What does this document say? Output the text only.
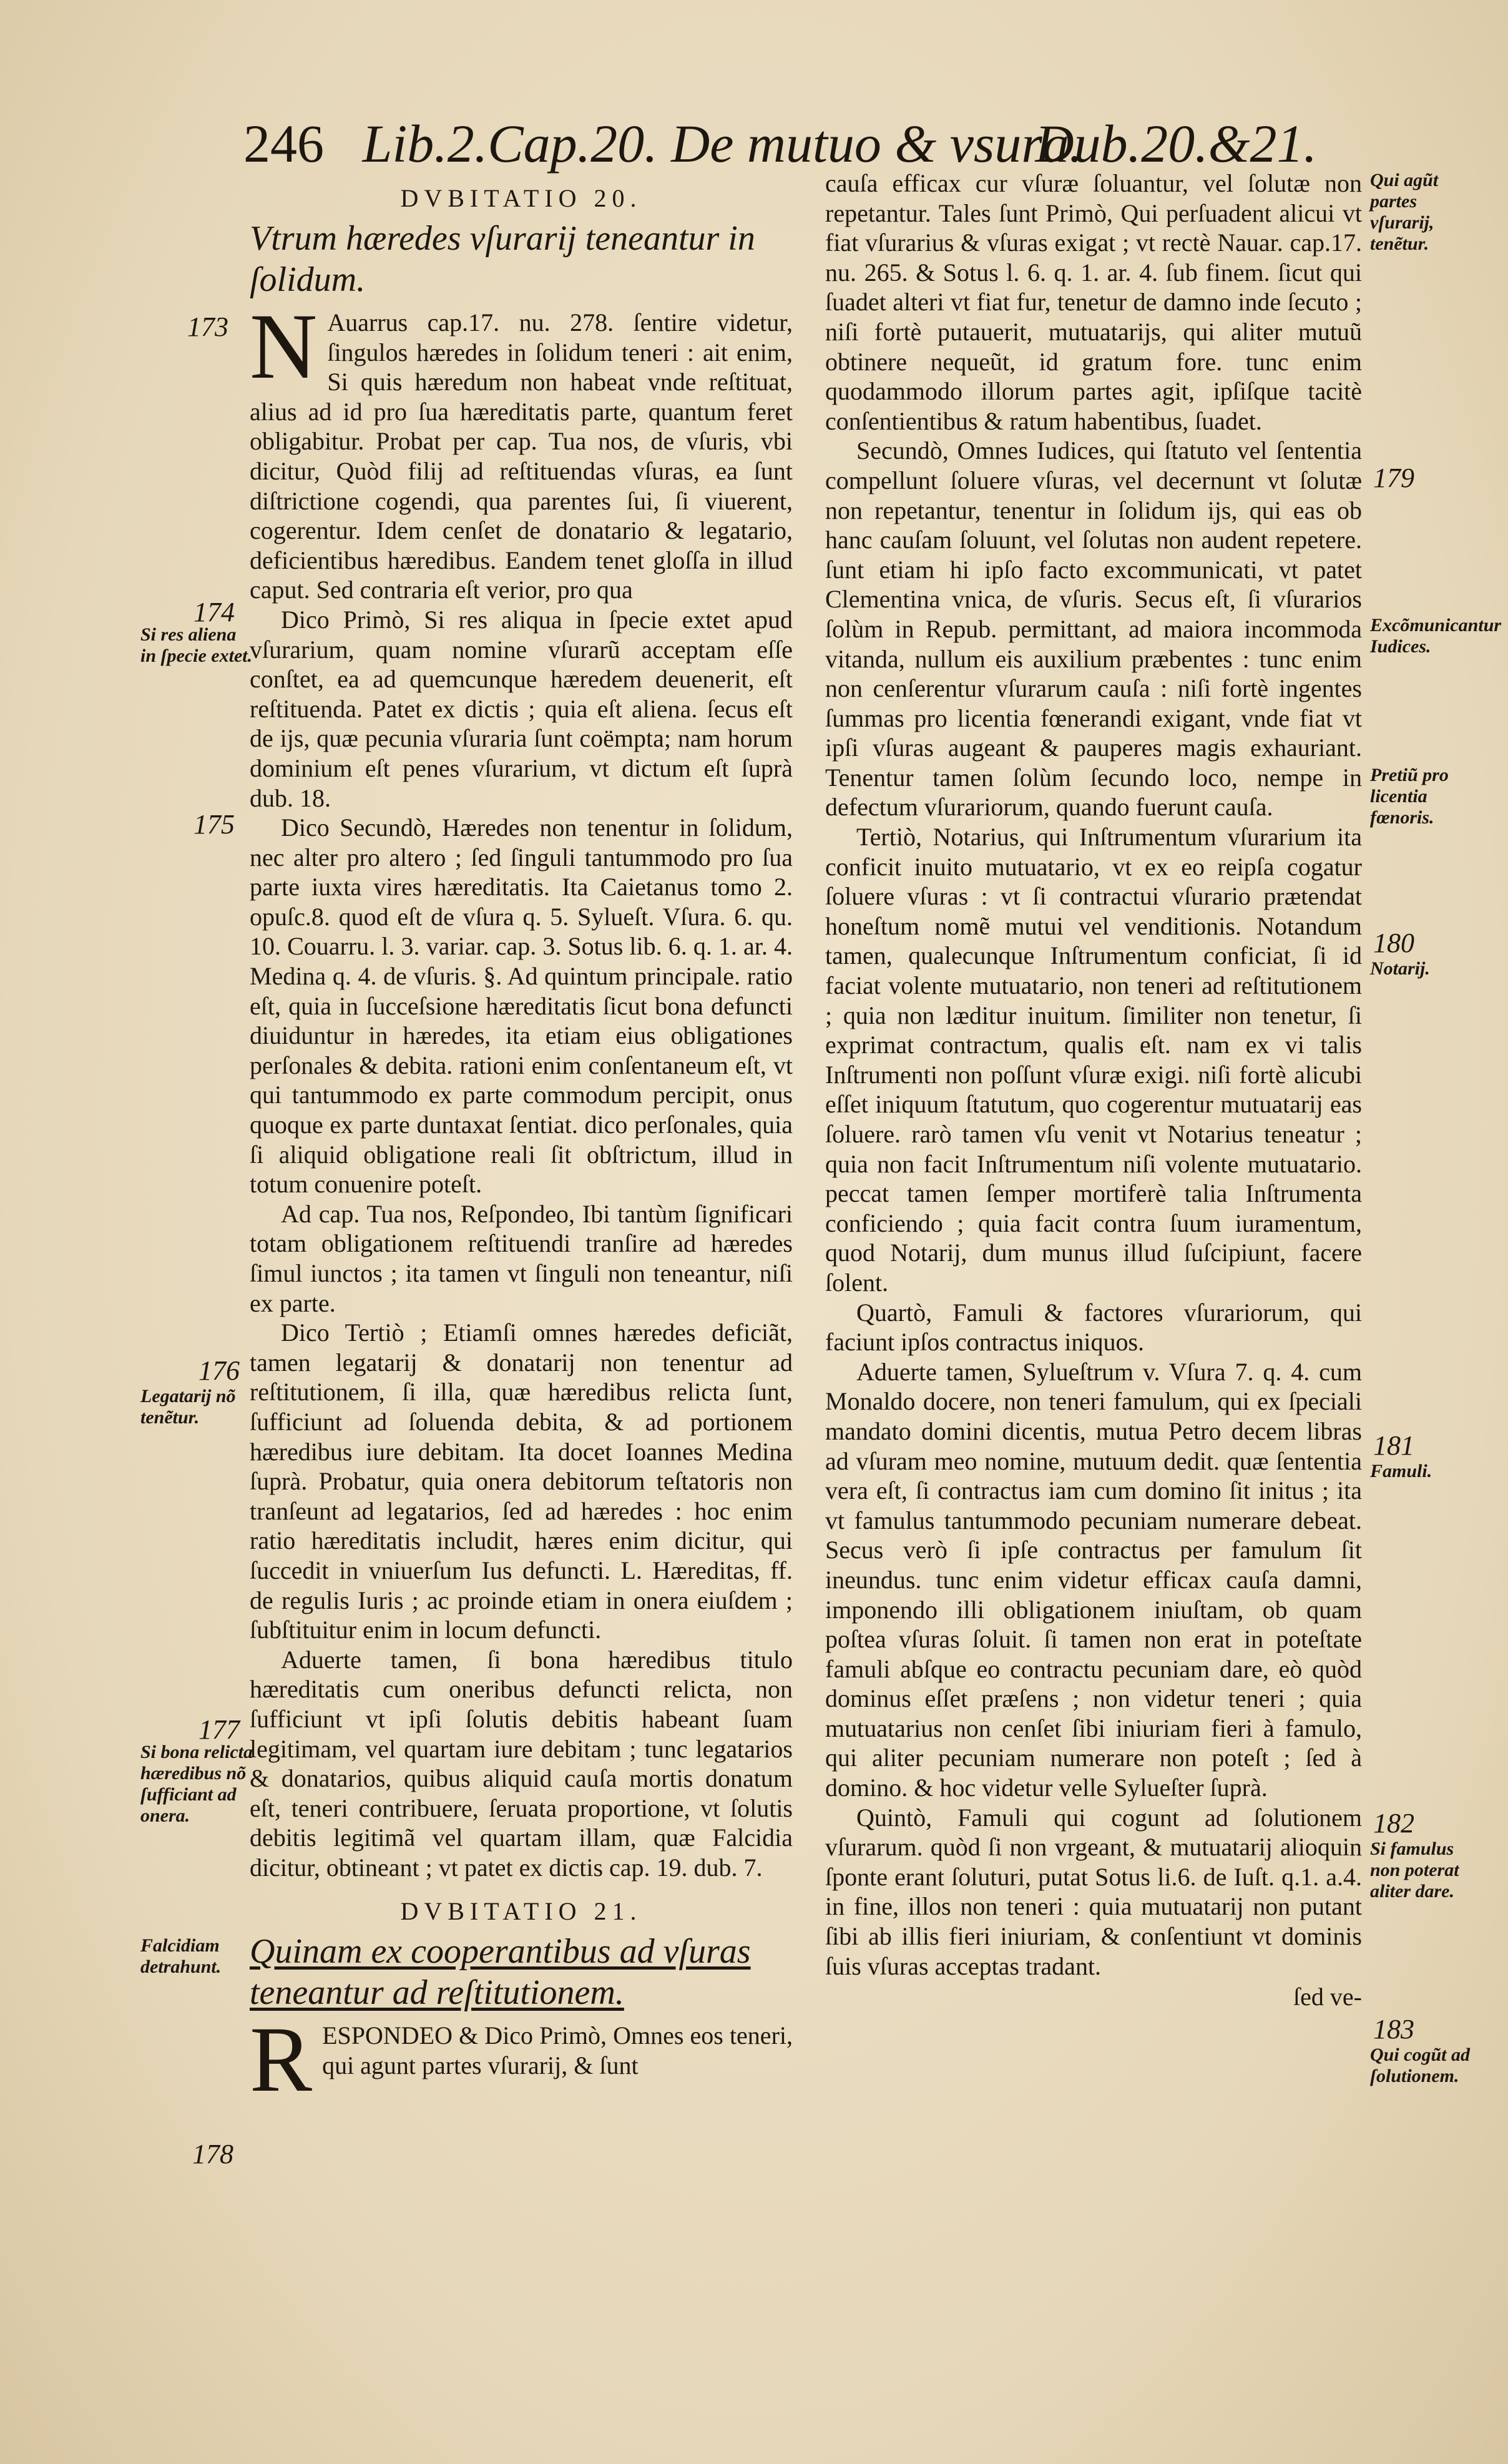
246 Lib.2.Cap.20. De mutuo & vsura.
Dub.20.&21.
DVBITATIO 20.
Vtrum hæredes vſurarij teneantur in ſolidum.

N Auarrus cap.17. nu. 278. ſentire videtur, ſingulos hæredes in ſolidum teneri : ait enim, Si quis hæredum non habeat vnde reſtituat, alius ad id pro ſua hæreditatis parte, quantum feret obligabitur. Probat per cap. Tua nos, de vſuris, vbi dicitur, Quòd filij ad reſtituendas vſuras, ea ſunt diſtrictione cogendi, qua parentes ſui, ſi viuerent, cogerentur. Idem cenſet de donatario & legatario, deficientibus hæredibus. Eandem tenet gloſſa in illud caput. Sed contraria eſt verior, pro qua

Dico Primò, Si res aliqua in ſpecie extet apud vſurarium, quam nomine vſurarũ acceptam eſſe conſtet, ea ad quemcunque hæredem deuenerit, eſt reſtituenda. Patet ex dictis ; quia eſt aliena. ſecus eſt de ijs, quæ pecunia vſuraria ſunt coëmpta; nam horum dominium eſt penes vſurarium, vt dictum eſt ſuprà dub. 18.

Dico Secundò, Hæredes non tenentur in ſolidum, nec alter pro altero ; ſed ſinguli tantummodo pro ſua parte iuxta vires hæreditatis. Ita Caietanus tomo 2. opuſc.8. quod eſt de vſura q. 5. Sylueſt. Vſura. 6. qu. 10. Couarru. l. 3. variar. cap. 3. Sotus lib. 6. q. 1. ar. 4. Medina q. 4. de vſuris. §. Ad quintum principale. ratio eſt, quia in ſucceſsione hæreditatis ſicut bona defuncti diuiduntur in hæredes, ita etiam eius obligationes perſonales & debita. rationi enim conſentaneum eſt, vt qui tantummodo ex parte commodum percipit, onus quoque ex parte duntaxat ſentiat. dico perſonales, quia ſi aliquid obligatione reali ſit obſtrictum, illud in totum conuenire poteſt.

Ad cap. Tua nos, Reſpondeo, Ibi tantùm ſignificari totam obligationem reſtituendi tranſire ad hæredes ſimul iunctos ; ita tamen vt ſinguli non teneantur, niſi ex parte.

Dico Tertiò ; Etiamſi omnes hæredes deficiãt, tamen legatarij & donatarij non tenentur ad reſtitutionem, ſi illa, quæ hæredibus relicta ſunt, ſufficiunt ad ſoluenda debita, & ad portionem hæredibus iure debitam. Ita docet Ioannes Medina ſuprà. Probatur, quia onera debitorum teſtatoris non tranſeunt ad legatarios, ſed ad hæredes : hoc enim ratio hæreditatis includit, hæres enim dicitur, qui ſuccedit in vniuerſum Ius defuncti. L. Hæreditas, ff. de regulis Iuris ; ac proinde etiam in onera eiuſdem ; ſubſtituitur enim in locum defuncti.

Aduerte tamen, ſi bona hæredibus titulo hæreditatis cum oneribus defuncti relicta, non ſufficiunt vt ipſi ſolutis debitis habeant ſuam legitimam, vel quartam iure debitam ; tunc legatarios & donatarios, quibus aliquid cauſa mortis donatum eſt, teneri contribuere, ſeruata proportione, vt ſolutis debitis legitimã vel quartam illam, quæ Falcidia dicitur, obtineant ; vt patet ex dictis cap. 19. dub. 7.

DVBITATIO 21.
Quinam ex cooperantibus ad vſuras teneantur ad reſtitutionem.

RESPONDEO & Dico Primò, Omnes eos teneri, qui agunt partes vſurarij, & ſunt

cauſa efficax cur vſuræ ſoluantur, vel ſolutæ non repetantur. Tales ſunt Primò, Qui perſuadent alicui vt fiat vſurarius & vſuras exigat ; vt rectè Nauar. cap.17. nu. 265. & Sotus l. 6. q. 1. ar. 4. ſub finem. ſicut qui ſuadet alteri vt fiat fur, tenetur de damno inde ſecuto ; niſi fortè putauerit, mutuatarijs, qui aliter mutuũ obtinere nequeũt, id gratum fore. tunc enim quodammodo illorum partes agit, ipſiſque tacitè conſentientibus & ratum habentibus, ſuadet.

Secundò, Omnes Iudices, qui ſtatuto vel ſententia compellunt ſoluere vſuras, vel decernunt vt ſolutæ non repetantur, tenentur in ſolidum ijs, qui eas ob hanc cauſam ſoluunt, vel ſolutas non audent repetere. ſunt etiam hi ipſo facto excommunicati, vt patet Clementina vnica, de vſuris. Secus eſt, ſi vſurarios ſolùm in Repub. permittant, ad maiora incommoda vitanda, nullum eis auxilium præbentes : tunc enim non cenſerentur vſurarum cauſa : niſi fortè ingentes ſummas pro licentia fœnerandi exigant, vnde fiat vt ipſi vſuras augeant & pauperes magis exhauriant. Tenentur tamen ſolùm ſecundo loco, nempe in defectum vſurariorum, quando fuerunt cauſa.

Tertiò, Notarius, qui Inſtrumentum vſurarium ita conficit inuito mutuatario, vt ex eo reipſa cogatur ſoluere vſuras : vt ſi contractui vſurario prætendat honeſtum nomẽ mutui vel venditionis. Notandum tamen, qualecunque Inſtrumentum conficiat, ſi id faciat volente mutuatario, non teneri ad reſtitutionem ; quia non læditur inuitum. ſimiliter non tenetur, ſi exprimat contractum, qualis eſt. nam ex vi talis Inſtrumenti non poſſunt vſuræ exigi. niſi fortè alicubi eſſet iniquum ſtatutum, quo cogerentur mutuatarij eas ſoluere. rarò tamen vſu venit vt Notarius teneatur ; quia non facit Inſtrumentum niſi volente mutuatario. peccat tamen ſemper mortiferè talia Inſtrumenta conficiendo ; quia facit contra ſuum iuramentum, quod Notarij, dum munus illud ſuſcipiunt, facere ſolent.

Quartò, Famuli & factores vſurariorum, qui faciunt ipſos contractus iniquos.

Aduerte tamen, Sylueſtrum v. Vſura 7. q. 4. cum Monaldo docere, non teneri famulum, qui ex ſpeciali mandato domini dicentis, mutua Petro decem libras ad vſuram meo nomine, mutuum dedit. quæ ſententia vera eſt, ſi contractus iam cum domino ſit initus ; ita vt famulus tantummodo pecuniam numerare debeat. Secus verò ſi ipſe contractus per famulum ſit ineundus. tunc enim videtur efficax cauſa damni, imponendo illi obligationem iniuſtam, ob quam poſtea vſuras ſoluit. ſi tamen non erat in poteſtate famuli abſque eo contractu pecuniam dare, eò quòd dominus eſſet præſens ; non videtur teneri ; quia mutuatarius non cenſet ſibi iniuriam fieri à famulo, qui aliter pecuniam numerare non poteſt ; ſed à domino. & hoc videtur velle Sylueſter ſuprà.

Quintò, Famuli qui cogunt ad ſolutionem vſurarum. quòd ſi non vrgeant, & mutuatarij alioquin ſponte erant ſoluturi, putat Sotus li.6. de Iuſt. q.1. a.4. in fine, illos non teneri : quia mutuatarij non putant ſibi ab illis fieri iniuriam, & conſentiunt vt dominis ſuis vſuras acceptas tradant.

ſed ve-
173
174
Si res aliena in ſpecie extet.
175
176
Legatarij nõ tenẽtur.
177
Si bona relicta hæredibus nõ ſufficiant ad onera.
Falcidiam detrahunt.
178
Qui agũt partes vſurarij, tenẽtur.
179
Excõmunicantur Iudices.
Pretiũ pro licentia fœnoris.
180
Notarij.
181
Famuli.
182
Si famulus non poterat aliter dare.
183
Qui cogũt ad ſolutionem.
